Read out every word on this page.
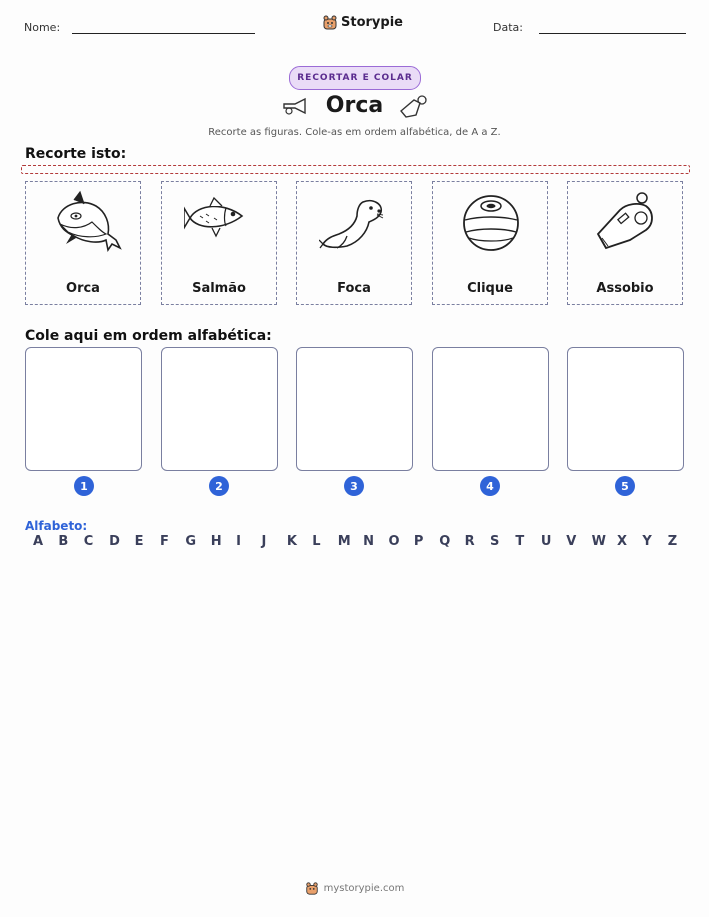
Nome:	Storypie	Data:
RECORTAR E COLAR
Orca
Recorte as figuras. Cole-as em ordem alfabética, de A a Z.
Recorte isto:
Orca	Salmão	Foca	Clique	Assobio
Cole aqui em ordem alfabética:
1	2	3	4	5
Alfabeto:
A	B	C	D	E	F	G	H	I	J	K	L	M N	O	P	Q	R	S	T	U	V	W X	Y	Z
mystorypie.com
